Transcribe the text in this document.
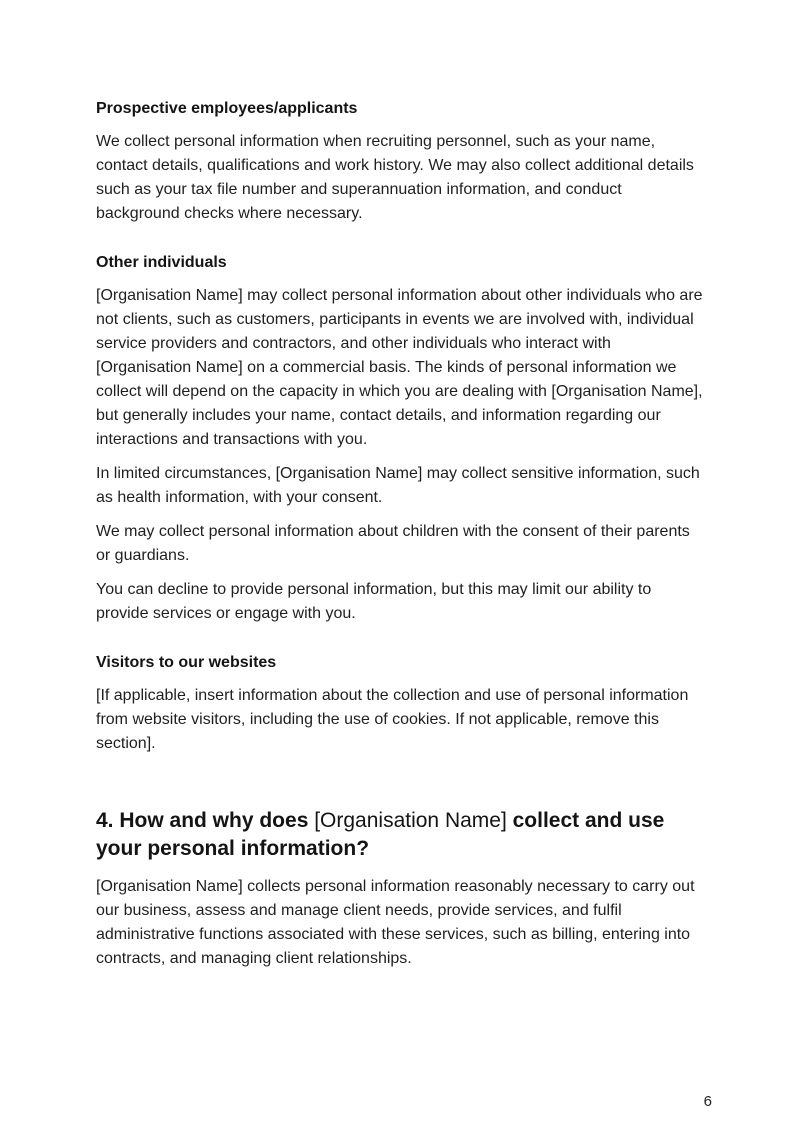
Prospective employees/applicants

We collect personal information when recruiting personnel, such as your name, contact details, qualifications and work history. We may also collect additional details such as your tax file number and superannuation information, and conduct background checks where necessary.

Other individuals

[Organisation Name] may collect personal information about other individuals who are not clients, such as customers, participants in events we are involved with, individual service providers and contractors, and other individuals who interact with [Organisation Name] on a commercial basis. The kinds of personal information we collect will depend on the capacity in which you are dealing with [Organisation Name], but generally includes your name, contact details, and information regarding our interactions and transactions with you.

In limited circumstances, [Organisation Name] may collect sensitive information, such as health information, with your consent.

We may collect personal information about children with the consent of their parents or guardians.

You can decline to provide personal information, but this may limit our ability to provide services or engage with you.

Visitors to our websites

[If applicable, insert information about the collection and use of personal information from website visitors, including the use of cookies. If not applicable, remove this section].

4. How and why does [Organisation Name] collect and use your personal information?

[Organisation Name] collects personal information reasonably necessary to carry out our business, assess and manage client needs, provide services, and fulfil administrative functions associated with these services, such as billing, entering into contracts, and managing client relationships.

6
